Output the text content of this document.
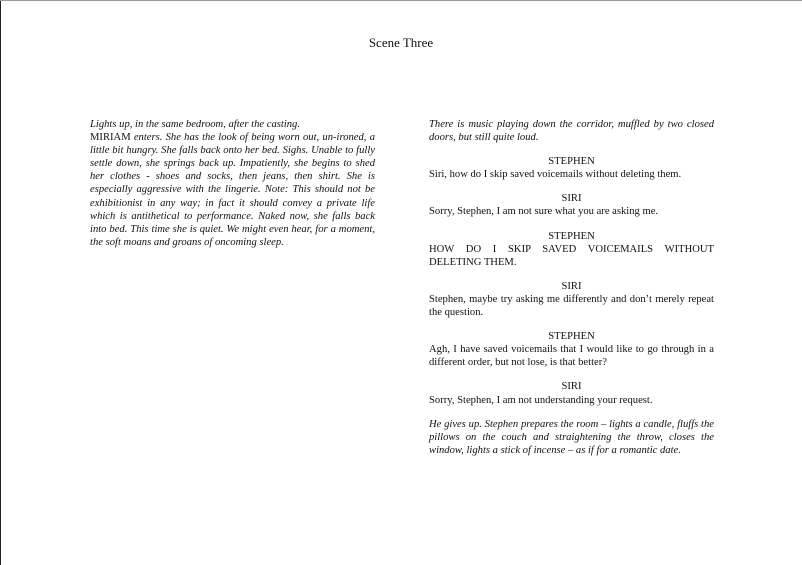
Scene Three

Lights up, in the same bedroom, after the casting.

MIRIAM enters. She has the look of being worn out, un-ironed, a little bit hungry. She falls back onto her bed. Sighs. Unable to fully settle down, she springs back up. Impatiently, she begins to shed her clothes - shoes and socks, then jeans, then shirt. She is especially aggressive with the lingerie. Note: This should not be exhibitionist in any way; in fact it should convey a private life which is antithetical to performance. Naked now, she falls back into bed. This time she is quiet. We might even hear, for a moment, the soft moans and groans of oncoming sleep.

There is music playing down the corridor, muffled by two closed doors, but still quite loud.

STEPHEN

Siri, how do I skip saved voicemails without deleting them.

SIRI

Sorry, Stephen, I am not sure what you are asking me.

STEPHEN

HOW DO I SKIP SAVED VOICEMAILS WITHOUT DELETING THEM.

SIRI

Stephen, maybe try asking me differently and don’t merely repeat the question.

STEPHEN

Agh, I have saved voicemails that I would like to go through in a different order, but not lose, is that better?

SIRI

Sorry, Stephen, I am not understanding your request.

He gives up. Stephen prepares the room – lights a candle, fluffs the pillows on the couch and straightening the throw, closes the window, lights a stick of incense – as if for a romantic date.
